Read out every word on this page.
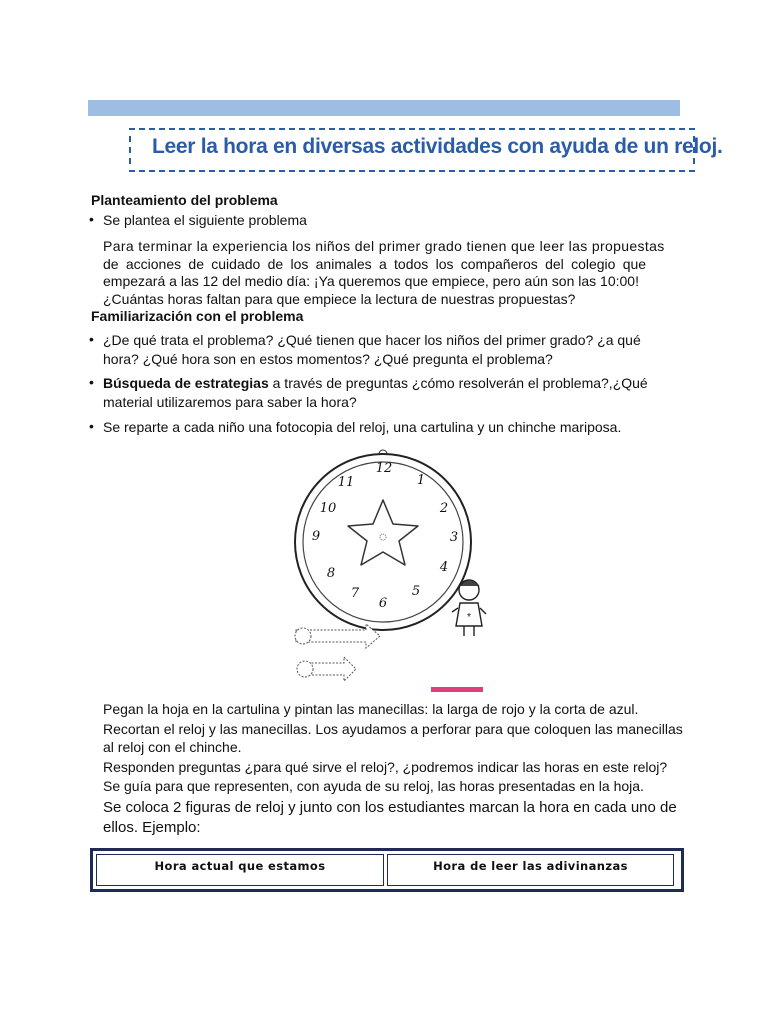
Leer la hora en diversas actividades con ayuda de un reloj.
Planteamiento del problema
• Se plantea el siguiente problema
Para terminar la experiencia los niños del primer grado tienen que leer las propuestas
de acciones de cuidado de los animales a todos los compañeros del colegio que
empezará a las 12 del medio día: ¡Ya queremos que empiece, pero aún son las 10:00!
¿Cuántas horas faltan para que empiece la lectura de nuestras propuestas?
Familiarización con el problema
• ¿De qué trata el problema? ¿Qué tienen que hacer los niños del primer grado? ¿a qué
hora? ¿Qué hora son en estos momentos? ¿Qué pregunta el problema?
• Búsqueda de estrategias a través de preguntas ¿cómo resolverán el problema?,¿Qué
material utilizaremos para saber la hora?
• Se reparte a cada niño una fotocopia del reloj, una cartulina y un chinche mariposa.
12
1
2
3
4
5
6
7
8
9
10
11
*
Pegan la hoja en la cartulina y pintan las manecillas: la larga de rojo y la corta de azul.
Recortan el reloj y las manecillas. Los ayudamos a perforar para que coloquen las manecillas
al reloj con el chinche.
Responden preguntas ¿para qué sirve el reloj?, ¿podremos indicar las horas en este reloj?
Se guía para que representen, con ayuda de su reloj, las horas presentadas en la hoja.
Se coloca 2 figuras de reloj y junto con los estudiantes marcan la hora en cada uno de
ellos. Ejemplo:
Hora actual que estamos	Hora de leer las adivinanzas
